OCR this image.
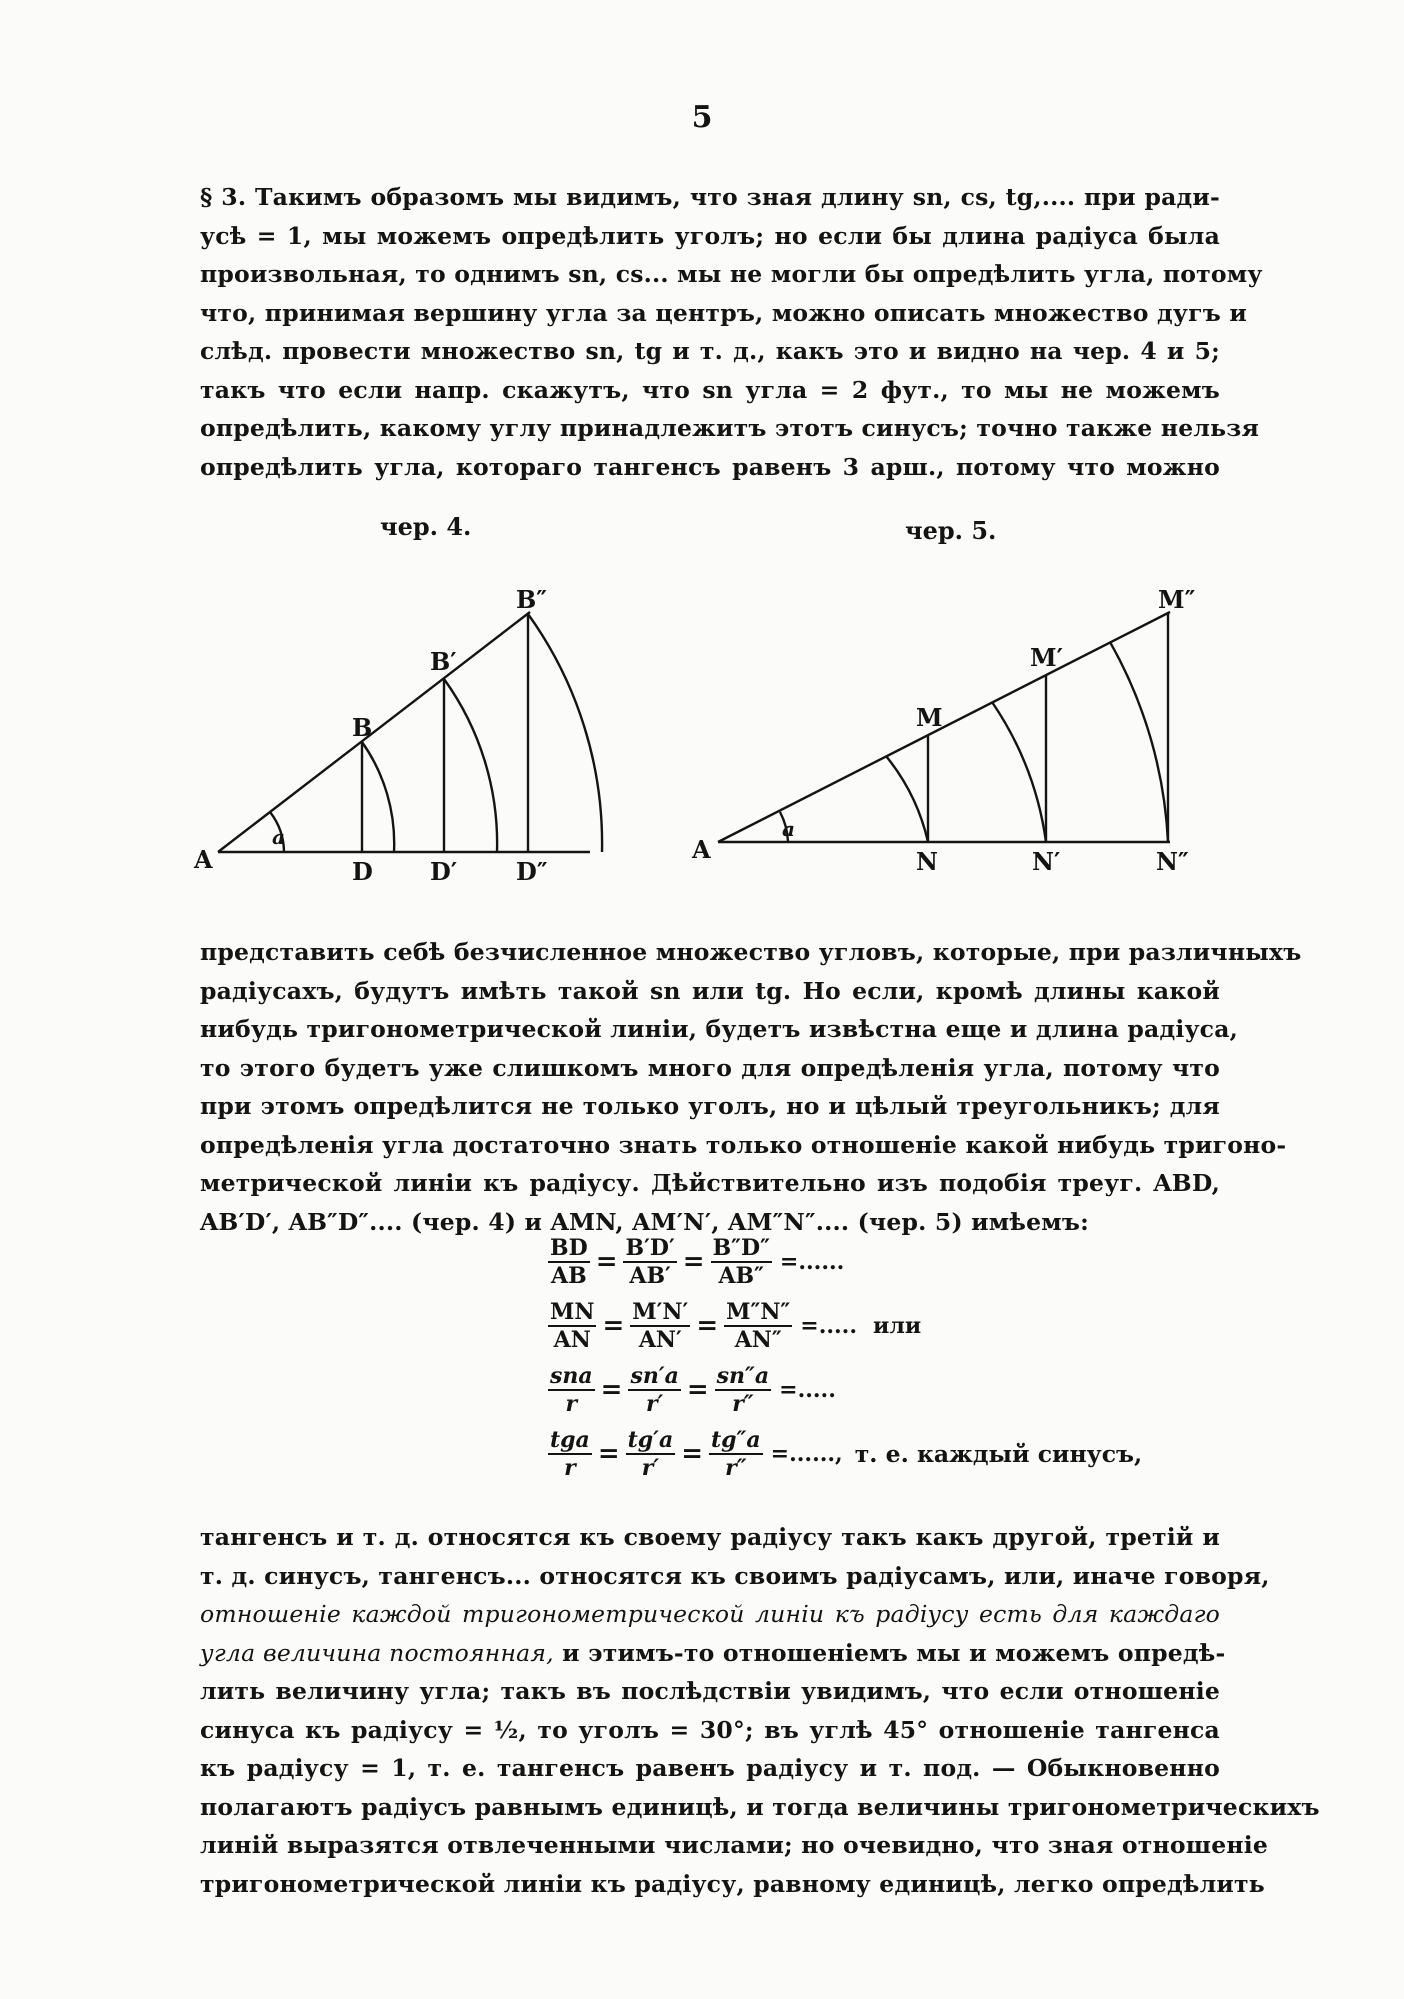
5
§ 3. Такимъ образомъ мы видимъ, что зная длину sn, cs, tg,.... при ради-
усѣ = 1, мы можемъ опредѣлить уголъ; но если бы длина радіуса была
произвольная, то однимъ sn, cs... мы не могли бы опредѣлить угла, потому
что, принимая вершину угла за центръ, можно описать множество дугъ и
слѣд. провести множество sn, tg и т. д., какъ это и видно на чер. 4 и 5;
такъ что если напр. скажутъ, что sn угла = 2 фут., то мы не можемъ
опредѣлить, какому углу принадлежитъ этотъ синусъ; точно также нельзя
опредѣлить угла, котораго тангенсъ равенъ 3 арш., потому что можно
чер. 4.	чер. 5.
A
B
B′
B″
D D′ D″
a	A
M
M′
M″
N	N′	N″
a
представить себѣ безчисленное множество угловъ, которые, при различныхъ
радіусахъ, будутъ имѣть такой sn или tg. Но если, кромѣ длины какой
нибудь тригонометрической линіи, будетъ извѣстна еще и длина радіуса,
то этого будетъ уже слишкомъ много для опредѣленія угла, потому что
при этомъ опредѣлится не только уголъ, но и цѣлый треугольникъ; для
опредѣленія угла достаточно знать только отношеніе какой нибудь тригоно-
метрической линіи къ радіусу. Дѣйствительно изъ подобія треуг. ABD,
AB′D′, AB″D″.... (чер. 4) и AMN, AM′N′, AM″N″.... (чер. 5) имѣемъ:
$\frac{BD}{AB} = \frac{B'D'}{AB'} = \frac{B''D''}{AB''}$ =......
$\frac{MN}{AN} = \frac{M'N'}{AN'} = \frac{M''N''}{AN''}$ =..... или
$\frac{\text{sna}}{r} = \frac{sn'a}{r'} = \frac{sn''a}{r''}$ =.....
$\frac{\text{tga}}{r} = \frac{tg'a}{r'} = \frac{tg''a}{r''}$ =......, т. е. каждый синусъ,
тангенсъ и т. д. относятся къ своему радіусу такъ какъ другой, третій и
т. д. синусъ, тангенсъ... относятся къ своимъ радіусамъ, или, иначе говоря,
отношеніе каждой тригонометрической линіи къ радіусу есть для каждаго
угла величина постоянная, и этимъ-то отношеніемъ мы и можемъ опредѣ-
лить величину угла; такъ въ послѣдствіи увидимъ, что если отношеніе
синуса къ радіусу = ½, то уголъ = 30°; въ углѣ 45° отношеніе тангенса
къ радіусу = 1, т. е. тангенсъ равенъ радіусу и т. под. — Обыкновенно
полагаютъ радіусъ равнымъ единицѣ, и тогда величины тригонометрическихъ
линій выразятся отвлеченными числами; но очевидно, что зная отношеніе
тригонометрической линіи къ радіусу, равному единицѣ, легко опредѣлить
